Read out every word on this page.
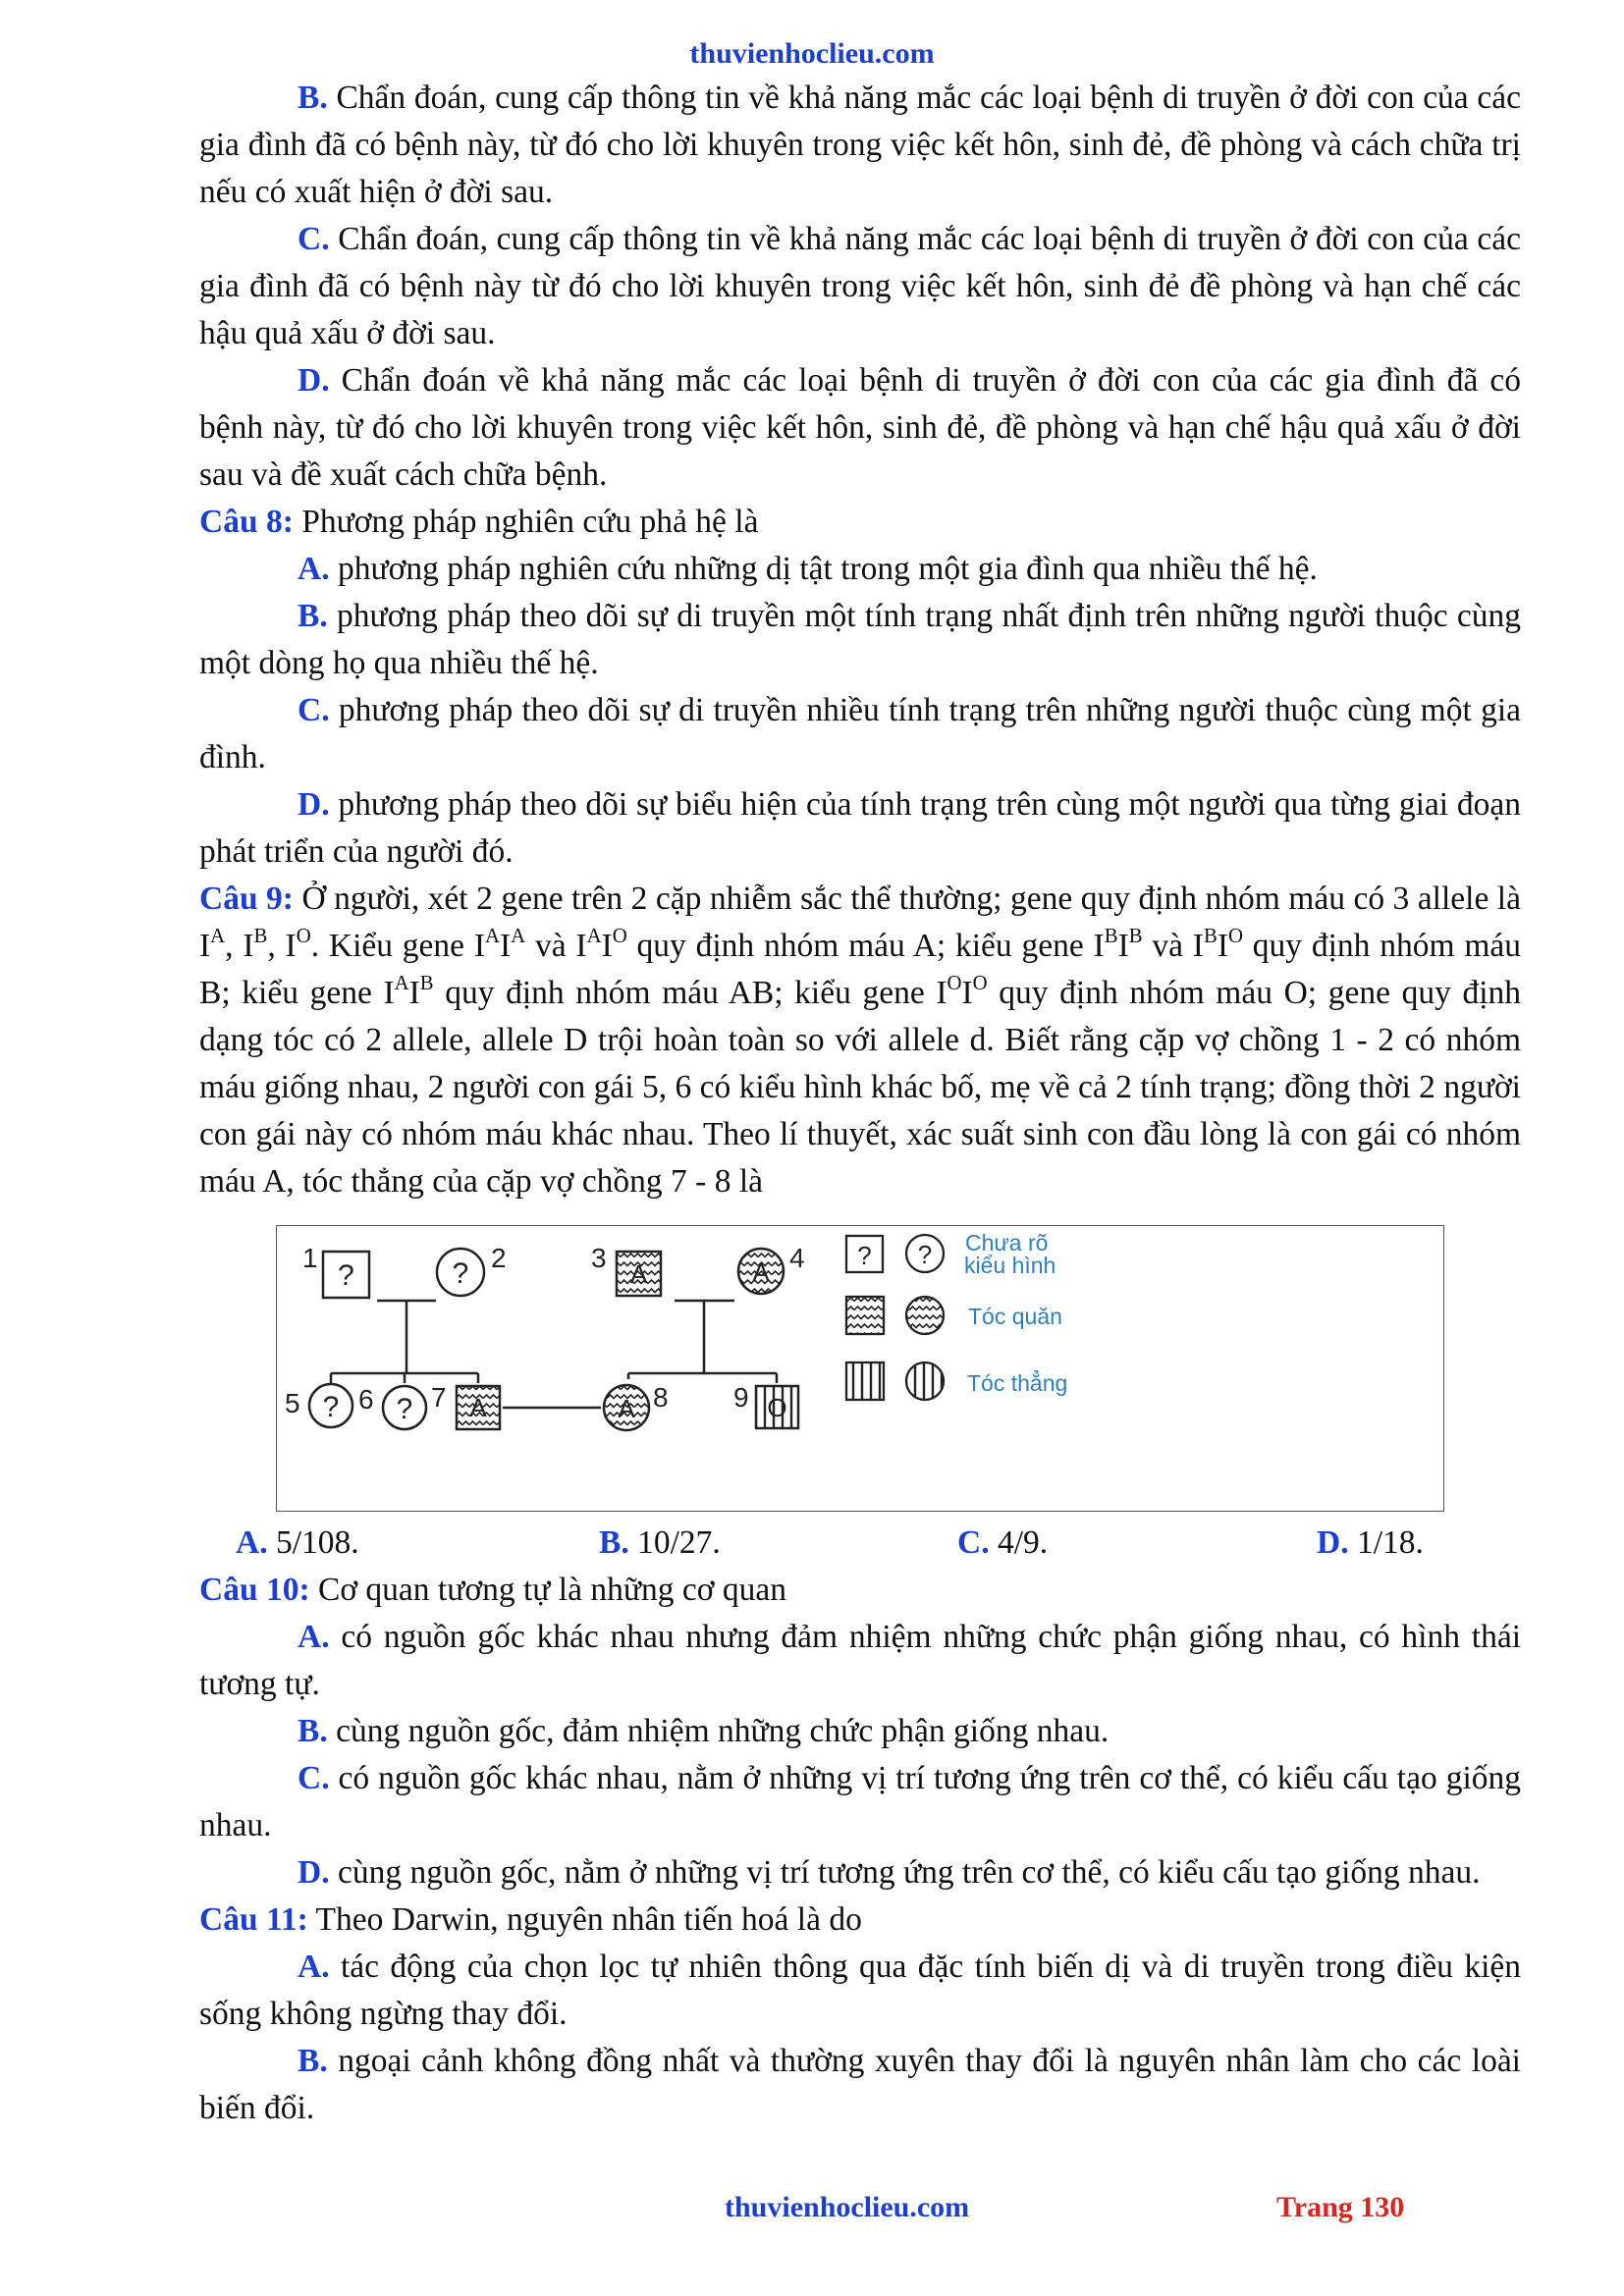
thuvienhoclieu.com

B. Chẩn đoán, cung cấp thông tin về khả năng mắc các loại bệnh di truyền ở đời con của các gia đình đã có bệnh này, từ đó cho lời khuyên trong việc kết hôn, sinh đẻ, đề phòng và cách chữa trị nếu có xuất hiện ở đời sau.

C. Chẩn đoán, cung cấp thông tin về khả năng mắc các loại bệnh di truyền ở đời con của các gia đình đã có bệnh này từ đó cho lời khuyên trong việc kết hôn, sinh đẻ đề phòng và hạn chế các hậu quả xấu ở đời sau.

D. Chẩn đoán về khả năng mắc các loại bệnh di truyền ở đời con của các gia đình đã có bệnh này, từ đó cho lời khuyên trong việc kết hôn, sinh đẻ, đề phòng và hạn chế hậu quả xấu ở đời sau và đề xuất cách chữa bệnh.

Câu 8: Phương pháp nghiên cứu phả hệ là

A. phương pháp nghiên cứu những dị tật trong một gia đình qua nhiều thế hệ.

B. phương pháp theo dõi sự di truyền một tính trạng nhất định trên những người thuộc cùng một dòng họ qua nhiều thế hệ.

C. phương pháp theo dõi sự di truyền nhiều tính trạng trên những người thuộc cùng một gia đình.

D. phương pháp theo dõi sự biểu hiện của tính trạng trên cùng một người qua từng giai đoạn phát triển của người đó.

Câu 9: Ở người, xét 2 gene trên 2 cặp nhiễm sắc thể thường; gene quy định nhóm máu có 3 allele là $I^A$, $I^B$, $I^O$. Kiểu gene $I^AI^A$ và $I^AI^O$ quy định nhóm máu A; kiểu gene $I^BI^B$ và $I^BI^O$ quy định nhóm máu B; kiểu gene $I^AI^B$ quy định nhóm máu AB; kiểu gene $I^OI^O$ quy định nhóm máu O; gene quy định dạng tóc có 2 allele, allele D trội hoàn toàn so với allele d. Biết rằng cặp vợ chồng 1 - 2 có nhóm máu giống nhau, 2 người con gái 5, 6 có kiểu hình khác bố, mẹ về cả 2 tính trạng; đồng thời 2 người con gái này có nhóm máu khác nhau. Theo lí thuyết, xác suất sinh con đầu lòng là con gái có nhóm máu A, tóc thẳng của cặp vợ chồng 7 - 8 là

?
1	? 2
A
3	A 4
?
5	?
6	A
7	A 8	O
9
? ? Chưa rõ
kiểu hình
Tóc quăn
Tóc thẳng
A. 5/108.	B. 10/27.	C. 4/9.	D. 1/18.

Câu 10: Cơ quan tương tự là những cơ quan

A. có nguồn gốc khác nhau nhưng đảm nhiệm những chức phận giống nhau, có hình thái tương tự.

B. cùng nguồn gốc, đảm nhiệm những chức phận giống nhau.

C. có nguồn gốc khác nhau, nằm ở những vị trí tương ứng trên cơ thể, có kiểu cấu tạo giống nhau.

D. cùng nguồn gốc, nằm ở những vị trí tương ứng trên cơ thể, có kiểu cấu tạo giống nhau.

Câu 11: Theo Darwin, nguyên nhân tiến hoá là do

A. tác động của chọn lọc tự nhiên thông qua đặc tính biến dị và di truyền trong điều kiện sống không ngừng thay đổi.

B. ngoại cảnh không đồng nhất và thường xuyên thay đổi là nguyên nhân làm cho các loài biến đổi.

thuvienhoclieu.com	Trang 130
